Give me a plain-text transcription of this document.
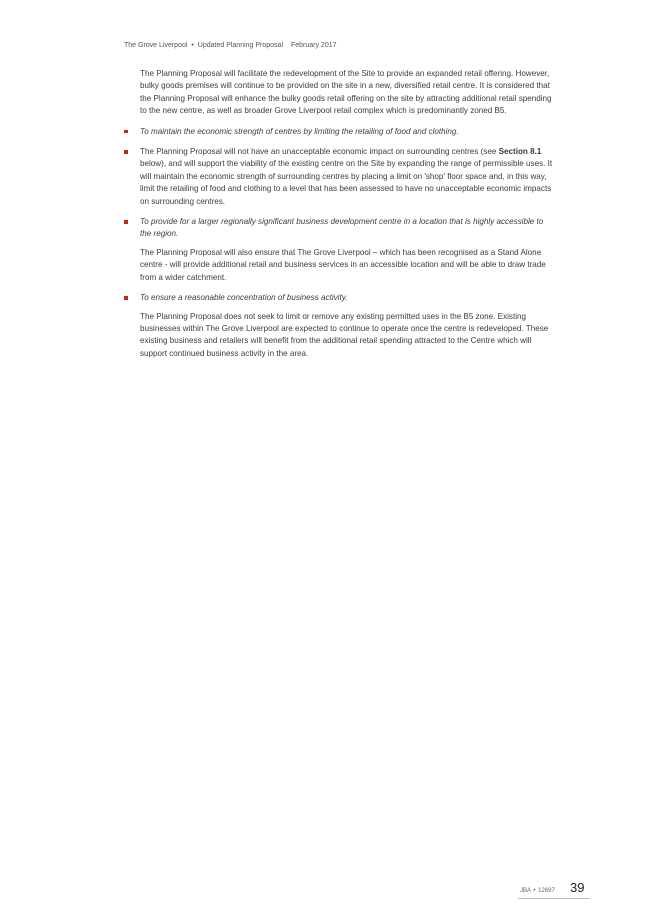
The Grove Liverpool • Updated Planning Proposal February 2017

The Planning Proposal will facilitate the redevelopment of the Site to provide an expanded retail offering. However, bulky goods premises will continue to be provided on the site in a new, diversified retail centre. It is considered that the Planning Proposal will enhance the bulky goods retail offering on the site by attracting additional retail spending to the new centre, as well as broader Grove Liverpool retail complex which is predominantly zoned B5.

To maintain the economic strength of centres by limiting the retailing of food and clothing.

The Planning Proposal will not have an unacceptable economic impact on surrounding centres (see Section 8.1 below), and will support the viability of the existing centre on the Site by expanding the range of permissible uses. It will maintain the economic strength of surrounding centres by placing a limit on 'shop' floor space and, in this way, limit the retailing of food and clothing to a level that has been assessed to have no unacceptable economic impacts on surrounding centres.

To provide for a larger regionally significant business development centre in a location that is highly accessible to the region.

The Planning Proposal will also ensure that The Grove Liverpool – which has been recognised as a Stand Alone centre - will provide additional retail and business services in an accessible location and will be able to draw trade from a wider catchment.

To ensure a reasonable concentration of business activity.

The Planning Proposal does not seek to limit or remove any existing permitted uses in the B5 zone. Existing businesses within The Grove Liverpool are expected to continue to operate once the centre is redeveloped. These existing business and retailers will benefit from the additional retail spending attracted to the Centre which will support continued business activity in the area.

JBA • 12697 39
